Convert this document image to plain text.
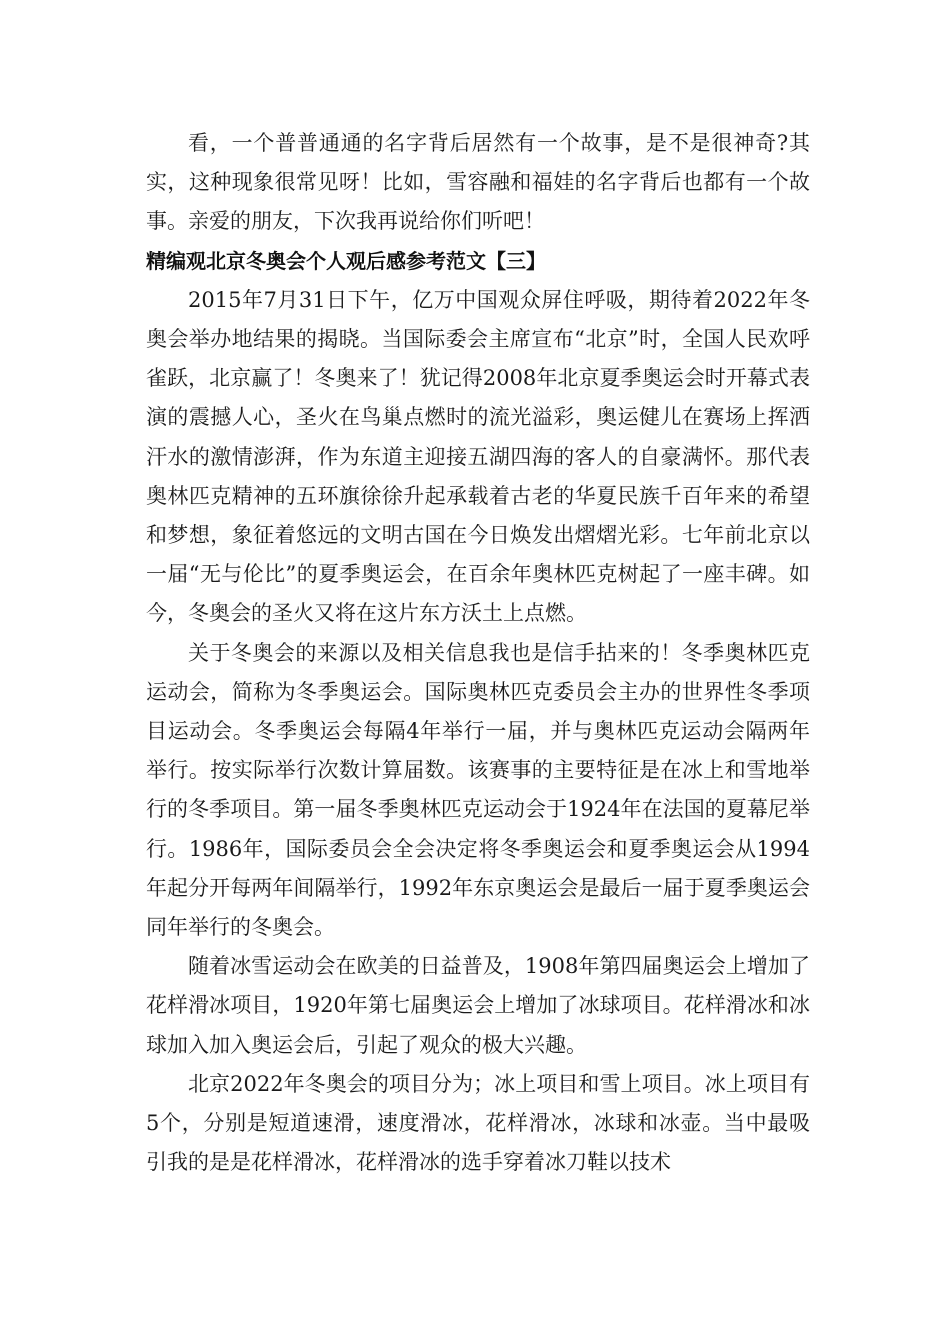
看，一个普普通通的名字背后居然有一个故事，是不是很神奇?其实，这种现象很常见呀！比如，雪容融和福娃的名字背后也都有一个故事。亲爱的朋友，下次我再说给你们听吧！

精编观北京冬奥会个人观后感参考范文【三】

2015年7月31日下午，亿万中国观众屏住呼吸，期待着2022年冬奥会举办地结果的揭晓。当国际委会主席宣布“北京”时，全国人民欢呼雀跃，北京赢了！冬奥来了！犹记得2008年北京夏季奥运会时开幕式表演的震撼人心，圣火在鸟巢点燃时的流光溢彩，奥运健儿在赛场上挥洒汗水的激情澎湃，作为东道主迎接五湖四海的客人的自豪满怀。那代表奥林匹克精神的五环旗徐徐升起承载着古老的华夏民族千百年来的希望和梦想，象征着悠远的文明古国在今日焕发出熠熠光彩。七年前北京以一届“无与伦比”的夏季奥运会，在百余年奥林匹克树起了一座丰碑。如今，冬奥会的圣火又将在这片东方沃土上点燃。

关于冬奥会的来源以及相关信息我也是信手拈来的！冬季奥林匹克运动会，简称为冬季奥运会。国际奥林匹克委员会主办的世界性冬季项目运动会。冬季奥运会每隔4年举行一届，并与奥林匹克运动会隔两年举行。按实际举行次数计算届数。该赛事的主要特征是在冰上和雪地举行的冬季项目。第一届冬季奥林匹克运动会于1924年在法国的夏幕尼举行。1986年，国际委员会全会决定将冬季奥运会和夏季奥运会从1994年起分开每两年间隔举行，1992年东京奥运会是最后一届于夏季奥运会同年举行的冬奥会。

随着冰雪运动会在欧美的日益普及，1908年第四届奥运会上增加了花样滑冰项目，1920年第七届奥运会上增加了冰球项目。花样滑冰和冰球加入加入奥运会后，引起了观众的极大兴趣。

北京2022年冬奥会的项目分为；冰上项目和雪上项目。冰上项目有5个，分别是短道速滑，速度滑冰，花样滑冰，冰球和冰壶。当中最吸引我的是是花样滑冰，花样滑冰的选手穿着冰刀鞋以技术
